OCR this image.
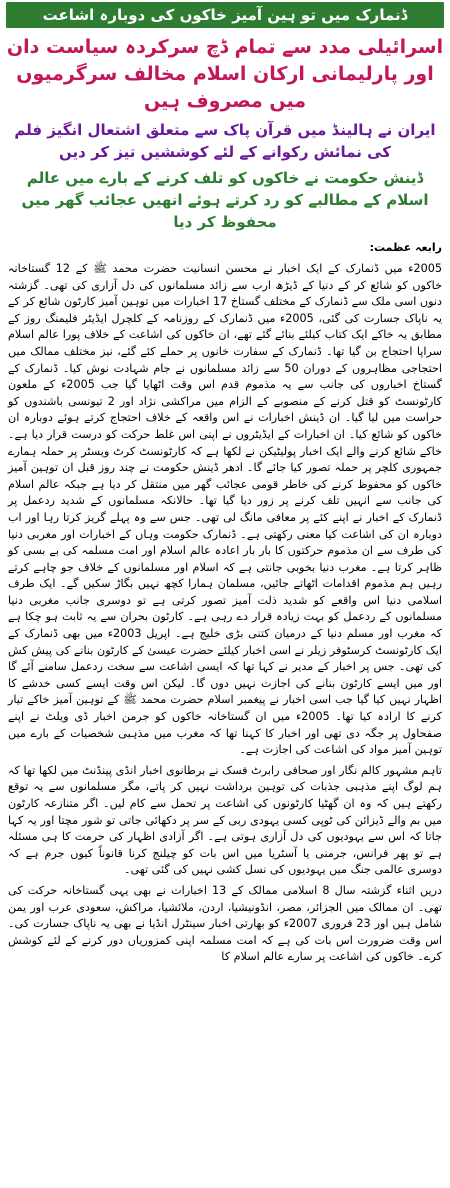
ڈنمارک میں تو ہین آمیز خاکوں کی دوبارہ اشاعت
اسرائیلی مدد سے تمام ڈچ سرکردہ سیاست دان اور پارلیمانی ارکان اسلام مخالف سرگرمیوں میں مصروف ہیں
ایران نے ہالینڈ میں قرآن پاک سے متعلق اشتعال انگیز فلم کی نمائش رکوانے کے لئے کوششیں تیز کر دیں
ڈینش حکومت نے خاکوں کو تلف کرنے کے بارے میں عالم اسلام کے مطالبے کو رد کرتے ہوئے انھیں عجائب گھر میں محفوظ کر دیا
رابعہ عظمت:

2005ء میں ڈنمارک کے ایک اخبار نے محسن انسانیت حضرت محمد ﷺ کے 12 گستاخانہ خاکوں کو شائع کر کے دنیا کے ڈیڑھ ارب سے زائد مسلمانوں کی دل آزاری کی تھی۔ گزشتہ دنوں اسی ملک سے ڈنمارک کے مختلف گستاخ 17 اخبارات میں توہین آمیز کارٹون شائع کر کے یہ ناپاک جسارت کی گئی، 2005ء میں ڈنمارک کے روزنامہ کے کلچرل ایڈیٹر فلیمنگ روز کے مطابق یہ خاکے ایک کتاب کیلئے بنائے گئے تھے، ان خاکوں کی اشاعت کے خلاف پورا عالم اسلام سراپا احتجاج بن گیا تھا۔ ڈنمارک کے سفارت خانوں پر حملے کئے گئے، نیز مختلف ممالک میں احتجاجی مظاہروں کے دوران 50 سے زائد مسلمانوں نے جام شہادت نوش کیا۔ ڈنمارک کے گستاخ اخباروں کی جانب سے یہ مذموم قدم اس وقت اٹھایا گیا جب 2005ء کے ملعون کارٹونسٹ کو قتل کرنے کے منصوبے کے الزام میں مراکشی نژاد اور 2 تیونسی باشندوں کو حراست میں لیا گیا۔ ان ڈینش اخبارات نے اس واقعہ کے خلاف احتجاج کرتے ہوئے دوبارہ ان خاکوں کو شائع کیا۔ ان اخبارات کے ایڈیٹروں نے اپنی اس غلط حرکت کو درست قرار دیا ہے۔ خاکے شائع کرنے والے ایک اخبار پولیٹیکن نے لکھا ہے کہ کارٹونسٹ کرٹ ویسٹر پر حملہ ہمارے جمہوری کلچر پر حملہ تصور کیا جائے گا۔ ادھر ڈینش حکومت نے چند روز قبل ان توہین آمیز خاکوں کو محفوظ کرنے کی خاطر قومی عجائب گھر میں منتقل کر دیا ہے جبکہ عالم اسلام کی جانب سے انہیں تلف کرنے پر زور دیا گیا تھا۔ حالانکہ مسلمانوں کے شدید ردعمل پر ڈنمارک کے اخبار نے اپنے کئے پر معافی مانگ لی تھی۔ جس سے وہ پہلے گریز کرتا رہا اور اب دوبارہ ان کی اشاعت کیا معنی رکھتی ہے۔ ڈنمارک حکومت وہاں کے اخبارات اور مغربی دنیا کی طرف سے ان مذموم حرکتوں کا بار بار اعادہ عالم اسلام اور امت مسلمہ کی بے بسی کو ظاہر کرتا ہے۔ مغرب دنیا بخوبی جانتی ہے کہ اسلام اور مسلمانوں کے خلاف جو چاہے کرتے رہیں ہم مذموم اقدامات اٹھاتے جائیں، مسلمان ہمارا کچھ نہیں بگاڑ سکیں گے۔ ایک طرف اسلامی دنیا اس واقعے کو شدید ذلت آمیز تصور کرتی ہے تو دوسری جانب مغربی دنیا مسلمانوں کے ردعمل کو بہت زیادہ قرار دے رہی ہے۔ کارٹون بحران سے یہ ثابت ہو چکا ہے کہ مغرب اور مسلم دنیا کے درمیان کتنی بڑی خلیج ہے۔ اپریل 2003ء میں بھی ڈنمارک کے ایک کارٹونسٹ کرسٹوفر زیلر نے اسی اخبار کیلئے حضرت عیسیٰ کے کارٹون بنانے کی پیش کش کی تھی۔ جس پر اخبار کے مدیر نے کہا تھا کہ ایسی اشاعت سے سخت ردعمل سامنے آئے گا اور میں ایسے کارٹون بنانے کی اجازت نہیں دوں گا۔ لیکن اس وقت ایسے کسی خدشے کا اظہار نہیں کیا گیا جب اسی اخبار نے پیغمبر اسلام حضرت محمد ﷺ کے توہین آمیز خاکے تیار کرنے کا ارادہ کیا تھا۔ 2005ء میں ان گستاخانہ خاکوں کو جرمن اخبار ڈی ویلٹ نے اپنے صفحاول پر جگہ دی تھی اور اخبار کا کہنا تھا کہ مغرب میں مذہبی شخصیات کے بارے میں توہین آمیز مواد کی اشاعت کی اجازت ہے۔

تاہم مشہور کالم نگار اور صحافی رابرٹ فسک نے برطانوی اخبار انڈی پینڈنٹ میں لکھا تھا کہ ہم لوگ اپنے مذہبی جذبات کی توہین برداشت نہیں کر پاتے، مگر مسلمانوں سے یہ توقع رکھتے ہیں کہ وہ ان گھٹیا کارٹونوں کی اشاعت پر تحمل سے کام لیں۔ اگر متنازعہ کارٹون میں بم والے ڈیزائن کی ٹوپی کسی یہودی ربی کے سر پر دکھائی جاتی تو شور مچتا اور یہ کہا جاتا کہ اس سے یہودیوں کی دل آزاری ہوتی ہے۔ اگر آزادی اظہار کی حرمت کا ہی مسئلہ ہے تو پھر فرانس، جرمنی یا آسٹریا میں اس بات کو چیلنج کرنا قانوناً کیوں جرم ہے کہ دوسری عالمی جنگ میں یہودیوں کی نسل کشی نہیں کی گئی تھی۔

دریں اثناء گزشتہ سال 8 اسلامی ممالک کے 13 اخبارات نے بھی یہی گستاخانہ حرکت کی تھی۔ ان ممالک میں الجزائر، مصر، انڈونیشیا، اردن، ملائشیا، مراکش، سعودی عرب اور یمن شامل ہیں اور 23 فروری 2007ء کو بھارتی اخبار سینٹرل انڈیا نے بھی یہ ناپاک جسارت کی۔ اس وقت ضرورت اس بات کی ہے کہ امت مسلمہ اپنی کمزوریاں دور کرنے کے لئے کوشش کرے۔ خاکوں کی اشاعت پر سارے عالم اسلام کا
